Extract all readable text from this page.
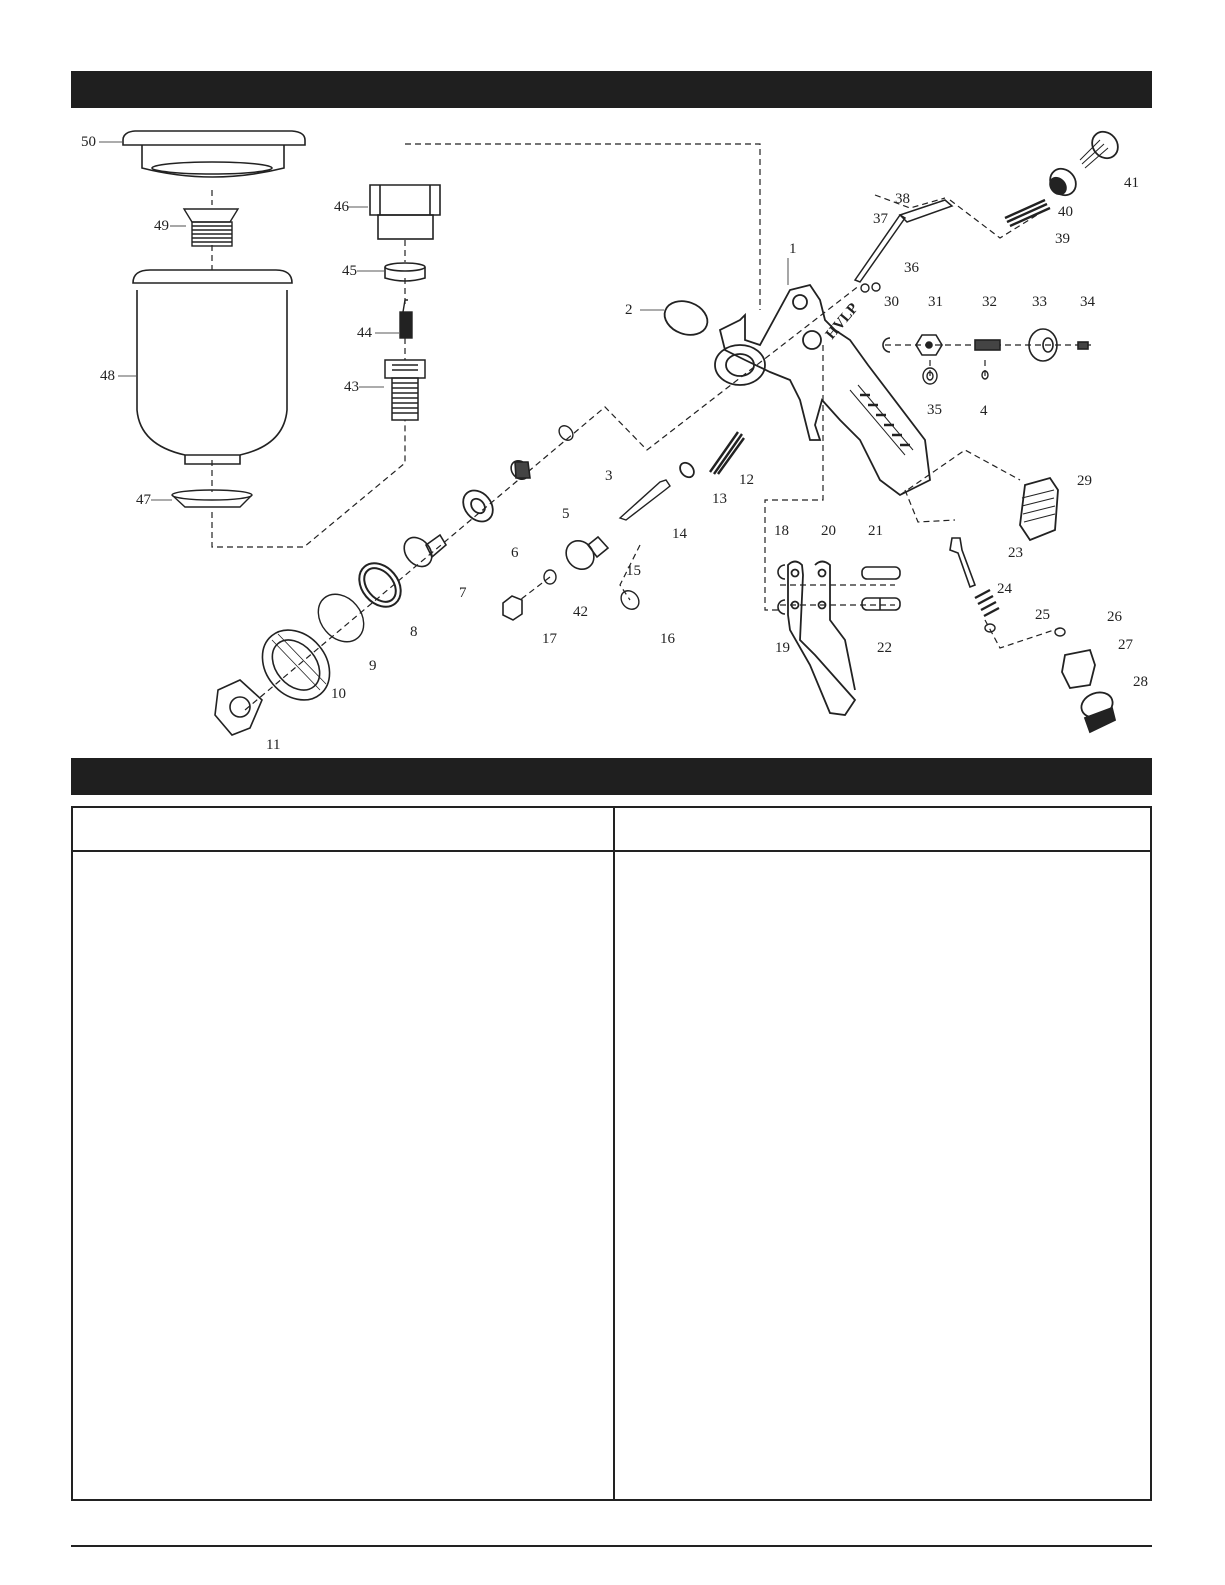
HVLP
1
2
3
4
5
6
7
8
9
10
11
12
13
14
15
16
17
18
19
20 21
22
23
24
25	26
27
28
29
30 31	32 33 34
35
36
37
38
39
40
41
42
43
44
45
46
47
48
49
50
